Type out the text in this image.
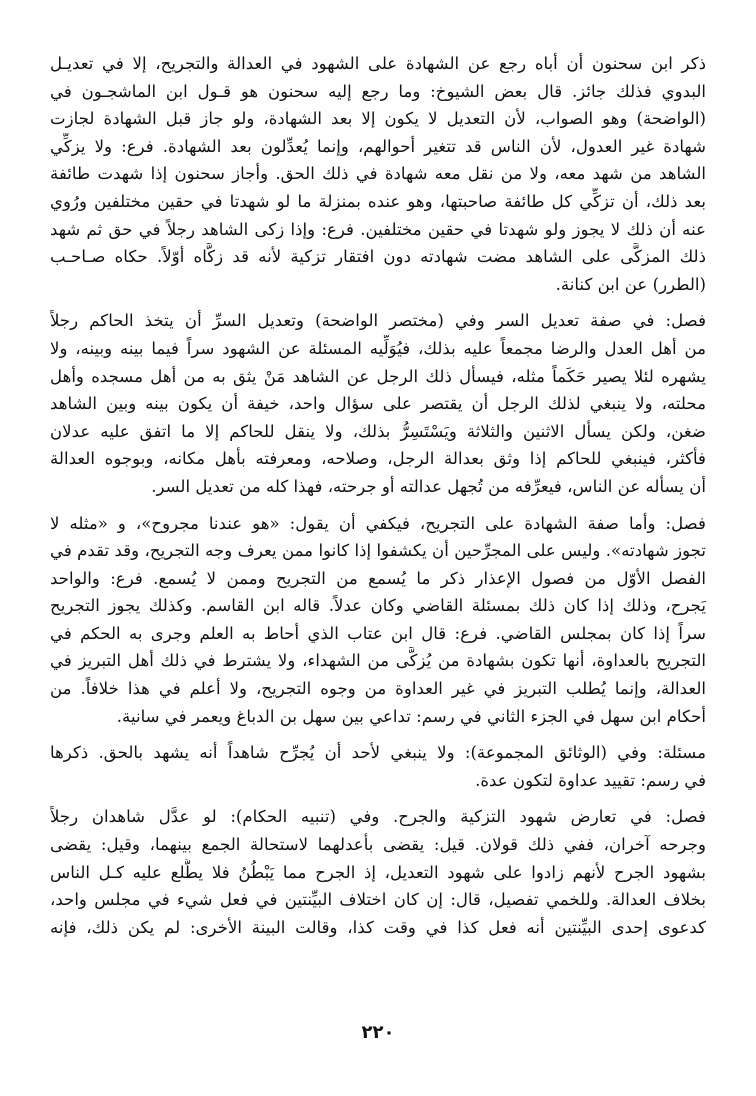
ذكر ابن سحنون أن أباه رجع عن الشهادة على الشهود في العدالة والتجريح، إلا في تعديـل
البدوي فذلك جائز. قال بعض الشيوخ: وما رجع إليه سحنون هو قـول ابن الماشجـون في
(الواضحة) وهو الصواب، لأن التعديل لا يكون إلا بعد الشهادة، ولو جاز قبل الشهادة لجازت
شهادة غير العدول، لأن الناس قد تتغير أحوالهم، وإنما يُعدِّلون بعد الشهادة. فرع: ولا يزكِّي
الشاهد من شهد معه، ولا من نقل معه شهادة في ذلك الحق. وأجاز سحنون إذا شهدت طائفة
بعد ذلك، أن تزكِّي كل طائفة صاحبتها، وهو عنده بمنزلة ما لو شهدتا في حقين مختلفين ورُوي
عنه أن ذلك لا يجوز ولو شهدتا في حقين مختلفين. فرع: وإذا زكى الشاهد رجلاً في حق ثم شهد
ذلك المزكَّى على الشاهد مضت شهادته دون افتقار تزكية لأنه قد زكَّاه أوّلاً. حكاه صـاحـب
(الطرر) عن ابن كنانة.
فصل: في صفة تعديل السر وفي (مختصر الواضحة) وتعديل السرِّ أن يتخذ الحاكم رجلاً
من أهل العدل والرضا مجمعاً عليه بذلك، فيُوَلِّيه المسئلة عن الشهود سراً فيما بينه وبينه، ولا
يشهره لئلا يصير حَكَماً مثله، فيسأل ذلك الرجل عن الشاهد مَنْ يثق به من أهل مسجده وأهل
محلته، ولا ينبغي لذلك الرجل أن يقتصر على سؤال واحد، خيفة أن يكون بينه وبين الشاهد
ضغن، ولكن يسأل الاثنين والثلاثة ويَسْتَسِرُّ بذلك، ولا ينقل للحاكم إلا ما اتفق عليه عدلان
فأكثر، فينبغي للحاكم إذا وثق بعدالة الرجل، وصلاحه، ومعرفته بأهل مكانه، وبوجوه العدالة
أن يسأله عن الناس، فيعرِّفه من تُجهل عدالته أو جرحته، فهذا كله من تعديل السر.
فصل: وأما صفة الشهادة على التجريح، فيكفي أن يقول: «هو عندنا مجروح»، و «مثله لا
تجوز شهادته». وليس على المجرِّحين أن يكشفوا إذا كانوا ممن يعرف وجه التجريح، وقد تقدم في
الفصل الأوّل من فصول الإعذار ذكر ما يُسمع من التجريح وممن لا يُسمع. فرع: والواحد
يَجرح، وذلك إذا كان ذلك بمسئلة القاضي وكان عدلاً. قاله ابن القاسم. وكذلك يجوز التجريح
سراً إذا كان بمجلس القاضي. فرع: قال ابن عتاب الذي أحاط به العلم وجرى به الحكم في
التجريح بالعداوة، أنها تكون بشهادة من يُزكَّى من الشهداء، ولا يشترط في ذلك أهل التبريز في
العدالة، وإنما يُطلب التبريز في غير العداوة من وجوه التجريح، ولا أعلم في هذا خلافاً. من
أحكام ابن سهل في الجزء الثاني في رسم: تداعي بين سهل بن الدباغ ويعمر في سانية.
مسئلة: وفي (الوثائق المجموعة): ولا ينبغي لأحد أن يُجرِّح شاهداً أنه يشهد بالحق. ذكرها
في رسم: تقييد عداوة لتكون عدة.
فصل: في تعارض شهود التزكية والجرح. وفي (تنبيه الحكام): لو عدَّل شاهدان رجلاً
وجرحه آخران، ففي ذلك قولان. قيل: يقضى بأعدلهما لاستحالة الجمع بينهما، وقيل: يقضى
بشهود الجرح لأنهم زادوا على شهود التعديل، إذ الجرح مما يَبْطُنُ فلا يطَّلع عليه كـل الناس
بخلاف العدالة. وللخمي تفصيل، قال: إن كان اختلاف البيِّنتين في فعل شيء في مجلس واحد،
كدعوى إحدى البيِّنتين أنه فعل كذا في وقت كذا، وقالت البينة الأخرى: لم يكن ذلك، فإنه
٢٢٠
